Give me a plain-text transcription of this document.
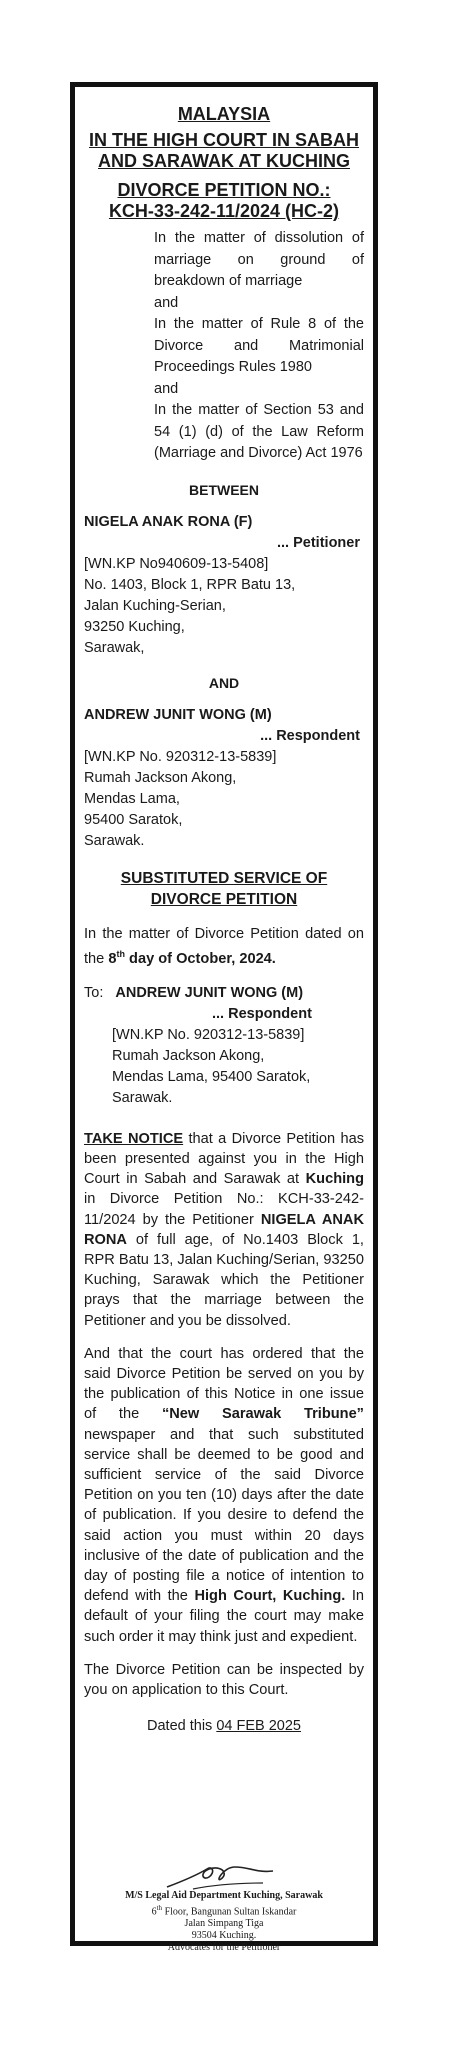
MALAYSIA
IN THE HIGH COURT IN SABAH
AND SARAWAK AT KUCHING
DIVORCE PETITION NO.:
KCH-33-242-11/2024 (HC-2)
In the matter of dissolution of marriage on ground of breakdown of marriage
and
In the matter of Rule 8 of the Divorce and Matrimonial Proceedings Rules 1980
and
In the matter of Section 53 and 54 (1) (d) of the Law Reform (Marriage and Divorce) Act 1976
BETWEEN
NIGELA ANAK RONA (F)
... Petitioner
[WN.KP No940609-13-5408]
No. 1403, Block 1, RPR Batu 13,
Jalan Kuching-Serian,
93250 Kuching,
Sarawak,
AND
ANDREW JUNIT WONG (M)
... Respondent
[WN.KP No. 920312-13-5839]
Rumah Jackson Akong,
Mendas Lama,
95400 Saratok,
Sarawak.
SUBSTITUTED SERVICE OF
DIVORCE PETITION
In the matter of Divorce Petition dated on the 8th day of October, 2024.
To: ANDREW JUNIT WONG (M)
... Respondent
[WN.KP No. 920312-13-5839]
Rumah Jackson Akong,
Mendas Lama, 95400 Saratok,
Sarawak.
TAKE NOTICE that a Divorce Petition has been presented against you in the High Court in Sabah and Sarawak at Kuching in Divorce Petition No.: KCH-33-242-11/2024 by the Petitioner NIGELA ANAK RONA of full age, of No.1403 Block 1, RPR Batu 13, Jalan Kuching/Serian, 93250 Kuching, Sarawak which the Petitioner prays that the marriage between the Petitioner and you be dissolved.
And that the court has ordered that the said Divorce Petition be served on you by the publication of this Notice in one issue of the “New Sarawak Tribune” newspaper and that such substituted service shall be deemed to be good and sufficient service of the said Divorce Petition on you ten (10) days after the date of publication. If you desire to defend the said action you must within 20 days inclusive of the date of publication and the day of posting file a notice of intention to defend with the High Court, Kuching. In default of your filing the court may make such order it may think just and expedient.
The Divorce Petition can be inspected by you on application to this Court.
Dated this 04 FEB 2025
M/S Legal Aid Department Kuching, Sarawak
6th Floor, Bangunan Sultan Iskandar
Jalan Simpang Tiga
93504 Kuching.
Advocates for the Petitioner
